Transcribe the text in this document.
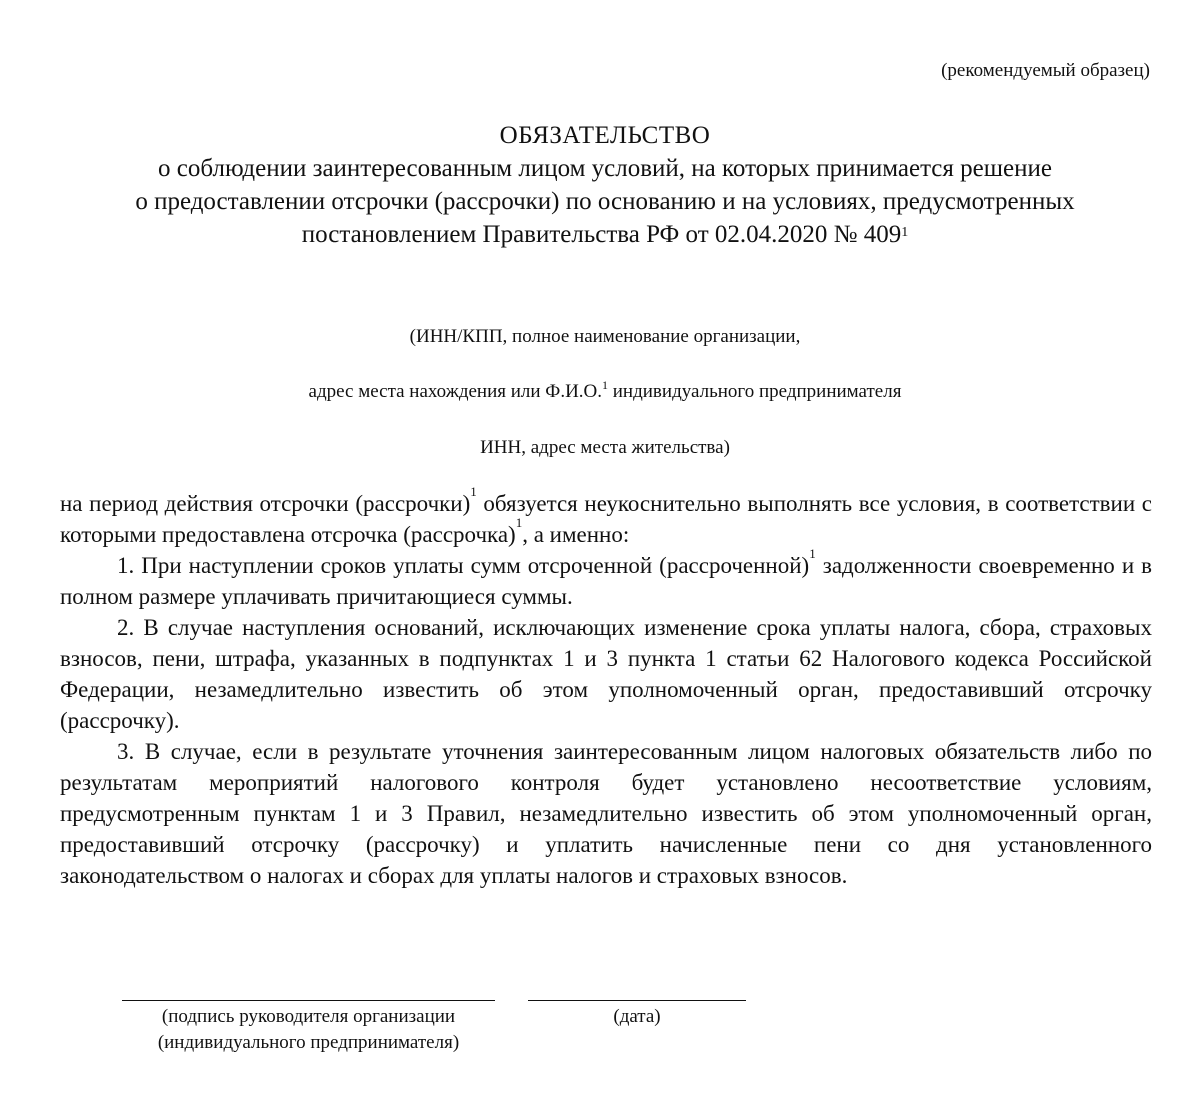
(рекомендуемый образец)
ОБЯЗАТЕЛЬСТВО
о соблюдении заинтересованным лицом условий, на которых принимается решение
о предоставлении отсрочки (рассрочки) по основанию и на условиях, предусмотренных
постановлением Правительства РФ от 02.04.2020 № $409^1$
(ИНН/КПП, полное наименование организации,
адрес места нахождения или Ф.И.О.$^1$ индивидуального предпринимателя
ИНН, адрес места жительства)

на период действия отсрочки (рассрочки)$^1$ обязуется неукоснительно выполнять все условия, в соответствии с которыми предоставлена отсрочка (рассрочка)$^1$, а именно:

1. При наступлении сроков уплаты сумм отсроченной (рассроченной)$^1$ задолженности своевременно и в полном размере уплачивать причитающиеся суммы.

2. В случае наступления оснований, исключающих изменение срока уплаты налога, сбора, страховых взносов, пени, штрафа, указанных в подпунктах 1 и 3 пункта 1 статьи 62 Налогового кодекса Российской Федерации, незамедлительно известить об этом уполномоченный орган, предоставивший отсрочку (рассрочку).

3. В случае, если в результате уточнения заинтересованным лицом налоговых обязательств либо по результатам мероприятий налогового контроля будет установлено несоответствие условиям, предусмотренным пунктам 1 и 3 Правил, незамедлительно известить об этом уполномоченный орган, предоставивший отсрочку (рассрочку) и уплатить начисленные пени со дня установленного законодательством о налогах и сборах для уплаты налогов и страховых взносов.

(подпись руководителя организации
(индивидуального предпринимателя)
(дата)
